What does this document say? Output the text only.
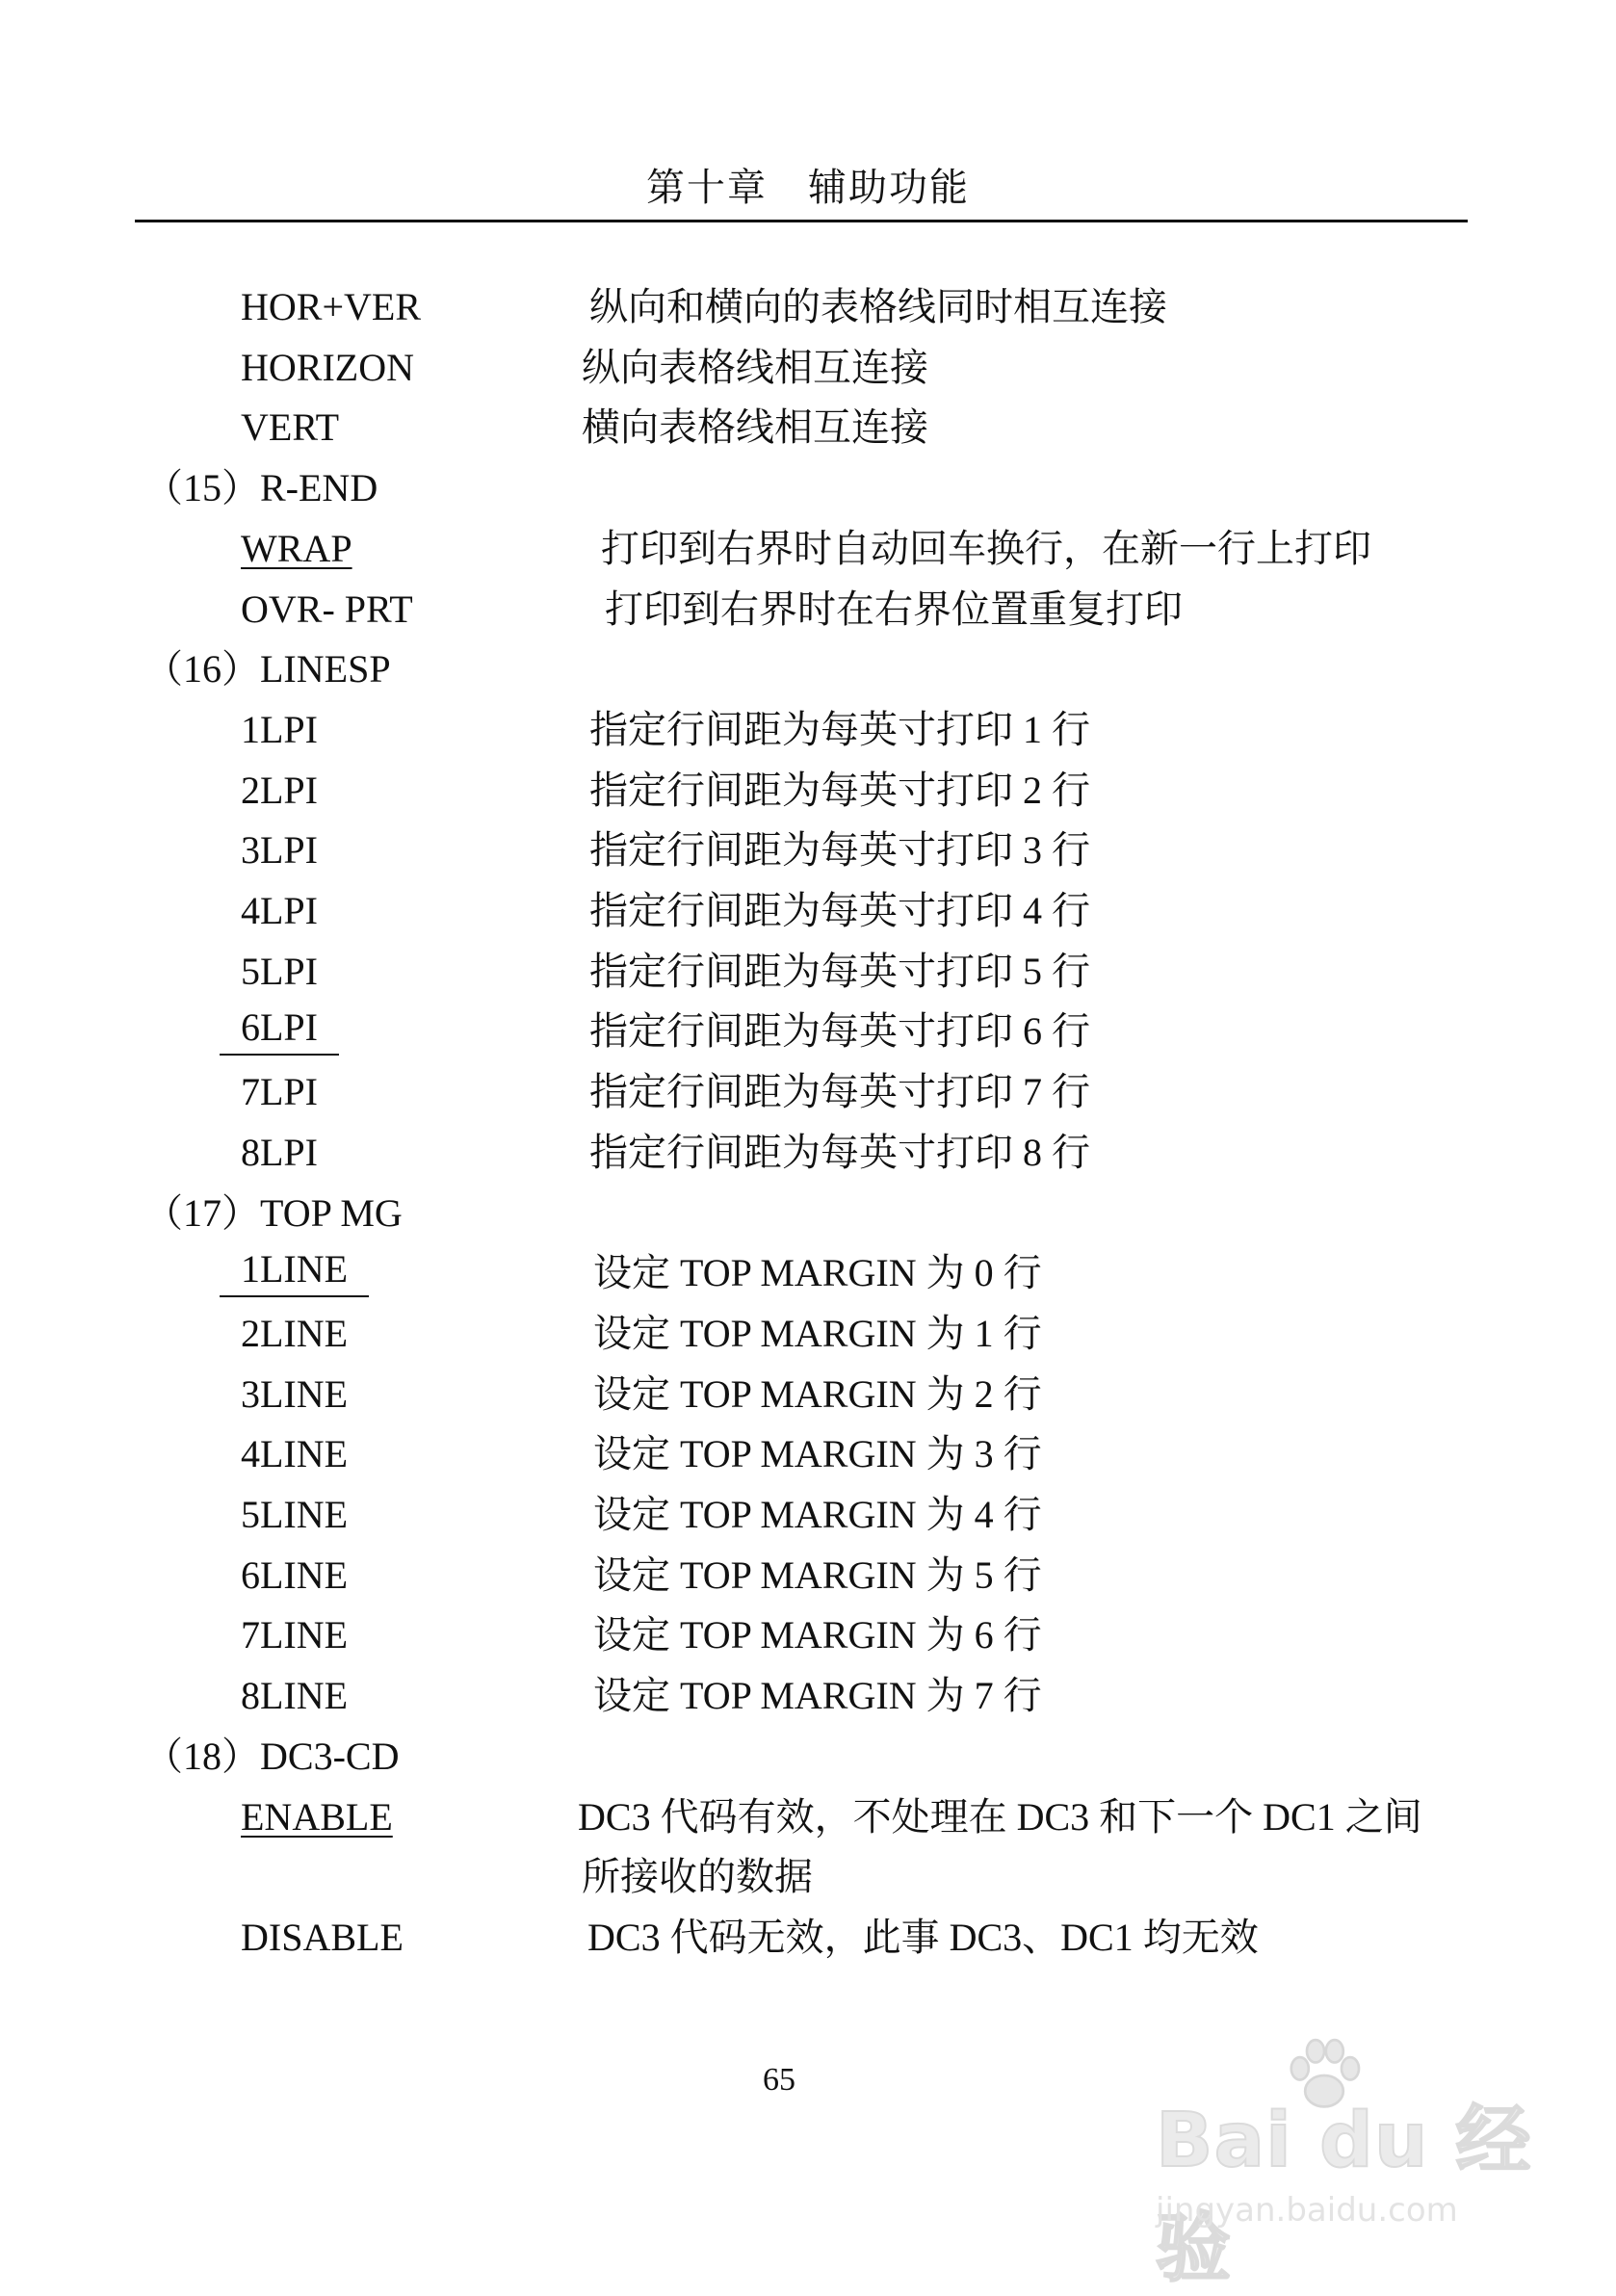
第十章　辅助功能
HOR+VER	纵向和横向的表格线同时相互连接
HORIZON	纵向表格线相互连接
VERT	横向表格线相互连接
（15）R-END
WRAP	打印到右界时自动回车换行，在新一行上打印
OVR- PRT	打印到右界时在右界位置重复打印
（16）LINESP
1LPI	指定行间距为每英寸打印 1 行
2LPI	指定行间距为每英寸打印 2 行
3LPI	指定行间距为每英寸打印 3 行
4LPI	指定行间距为每英寸打印 4 行
5LPI	指定行间距为每英寸打印 5 行
6LPI	指定行间距为每英寸打印 6 行
7LPI	指定行间距为每英寸打印 7 行
8LPI	指定行间距为每英寸打印 8 行
（17）TOP MG
1LINE	设定 TOP MARGIN 为 0 行
2LINE	设定 TOP MARGIN 为 1 行
3LINE	设定 TOP MARGIN 为 2 行
4LINE	设定 TOP MARGIN 为 3 行
5LINE	设定 TOP MARGIN 为 4 行
6LINE	设定 TOP MARGIN 为 5 行
7LINE	设定 TOP MARGIN 为 6 行
8LINE	设定 TOP MARGIN 为 7 行
（18）DC3-CD
ENABLE	DC3 代码有效，不处理在 DC3 和下一个 DC1 之间
所接收的数据
DISABLE	DC3 代码无效，此事 DC3、DC1 均无效
65
Bai du 经验
jingyan.baidu.com
